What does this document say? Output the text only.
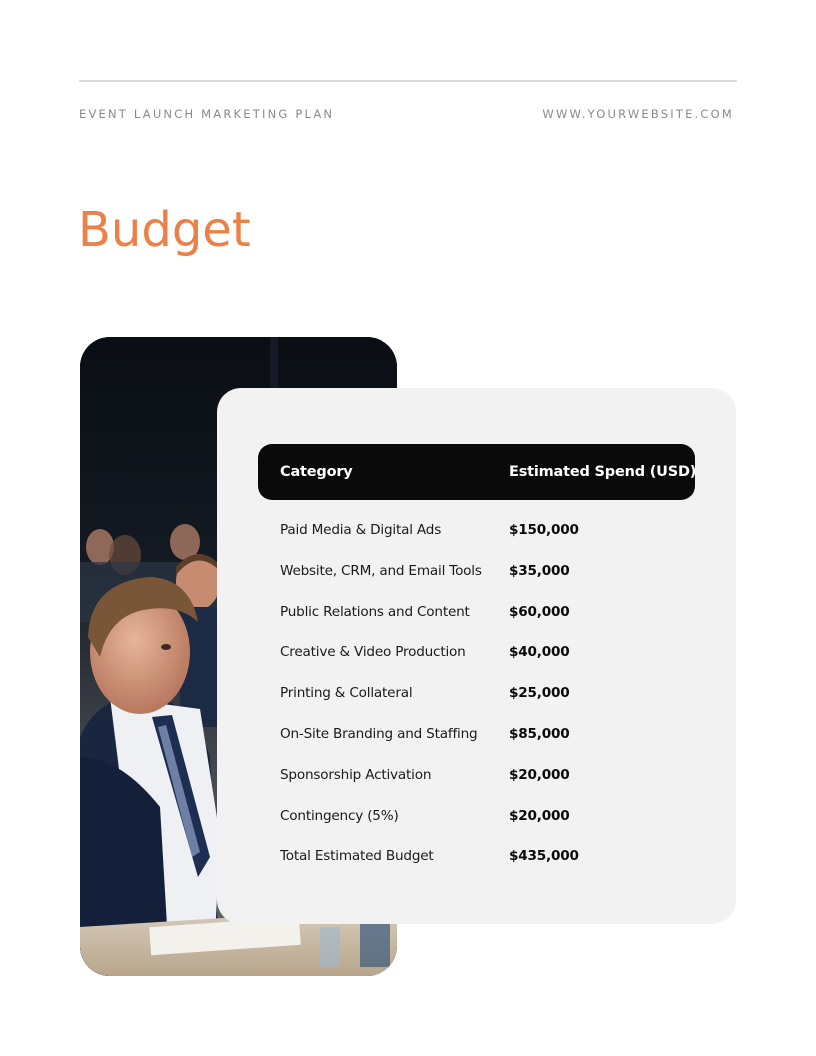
EVENT LAUNCH MARKETING PLAN	WWW.YOURWEBSITE.COM
Budget
Category	Estimated Spend (USD)
Paid Media & Digital Ads	$150,000
Website, CRM, and Email Tools $35,000
Public Relations and Content	$60,000
Creative & Video Production	$40,000
Printing & Collateral	$25,000
On-Site Branding and Staffing $85,000
Sponsorship Activation	$20,000
Contingency (5%)	$20,000
Total Estimated Budget	$435,000
